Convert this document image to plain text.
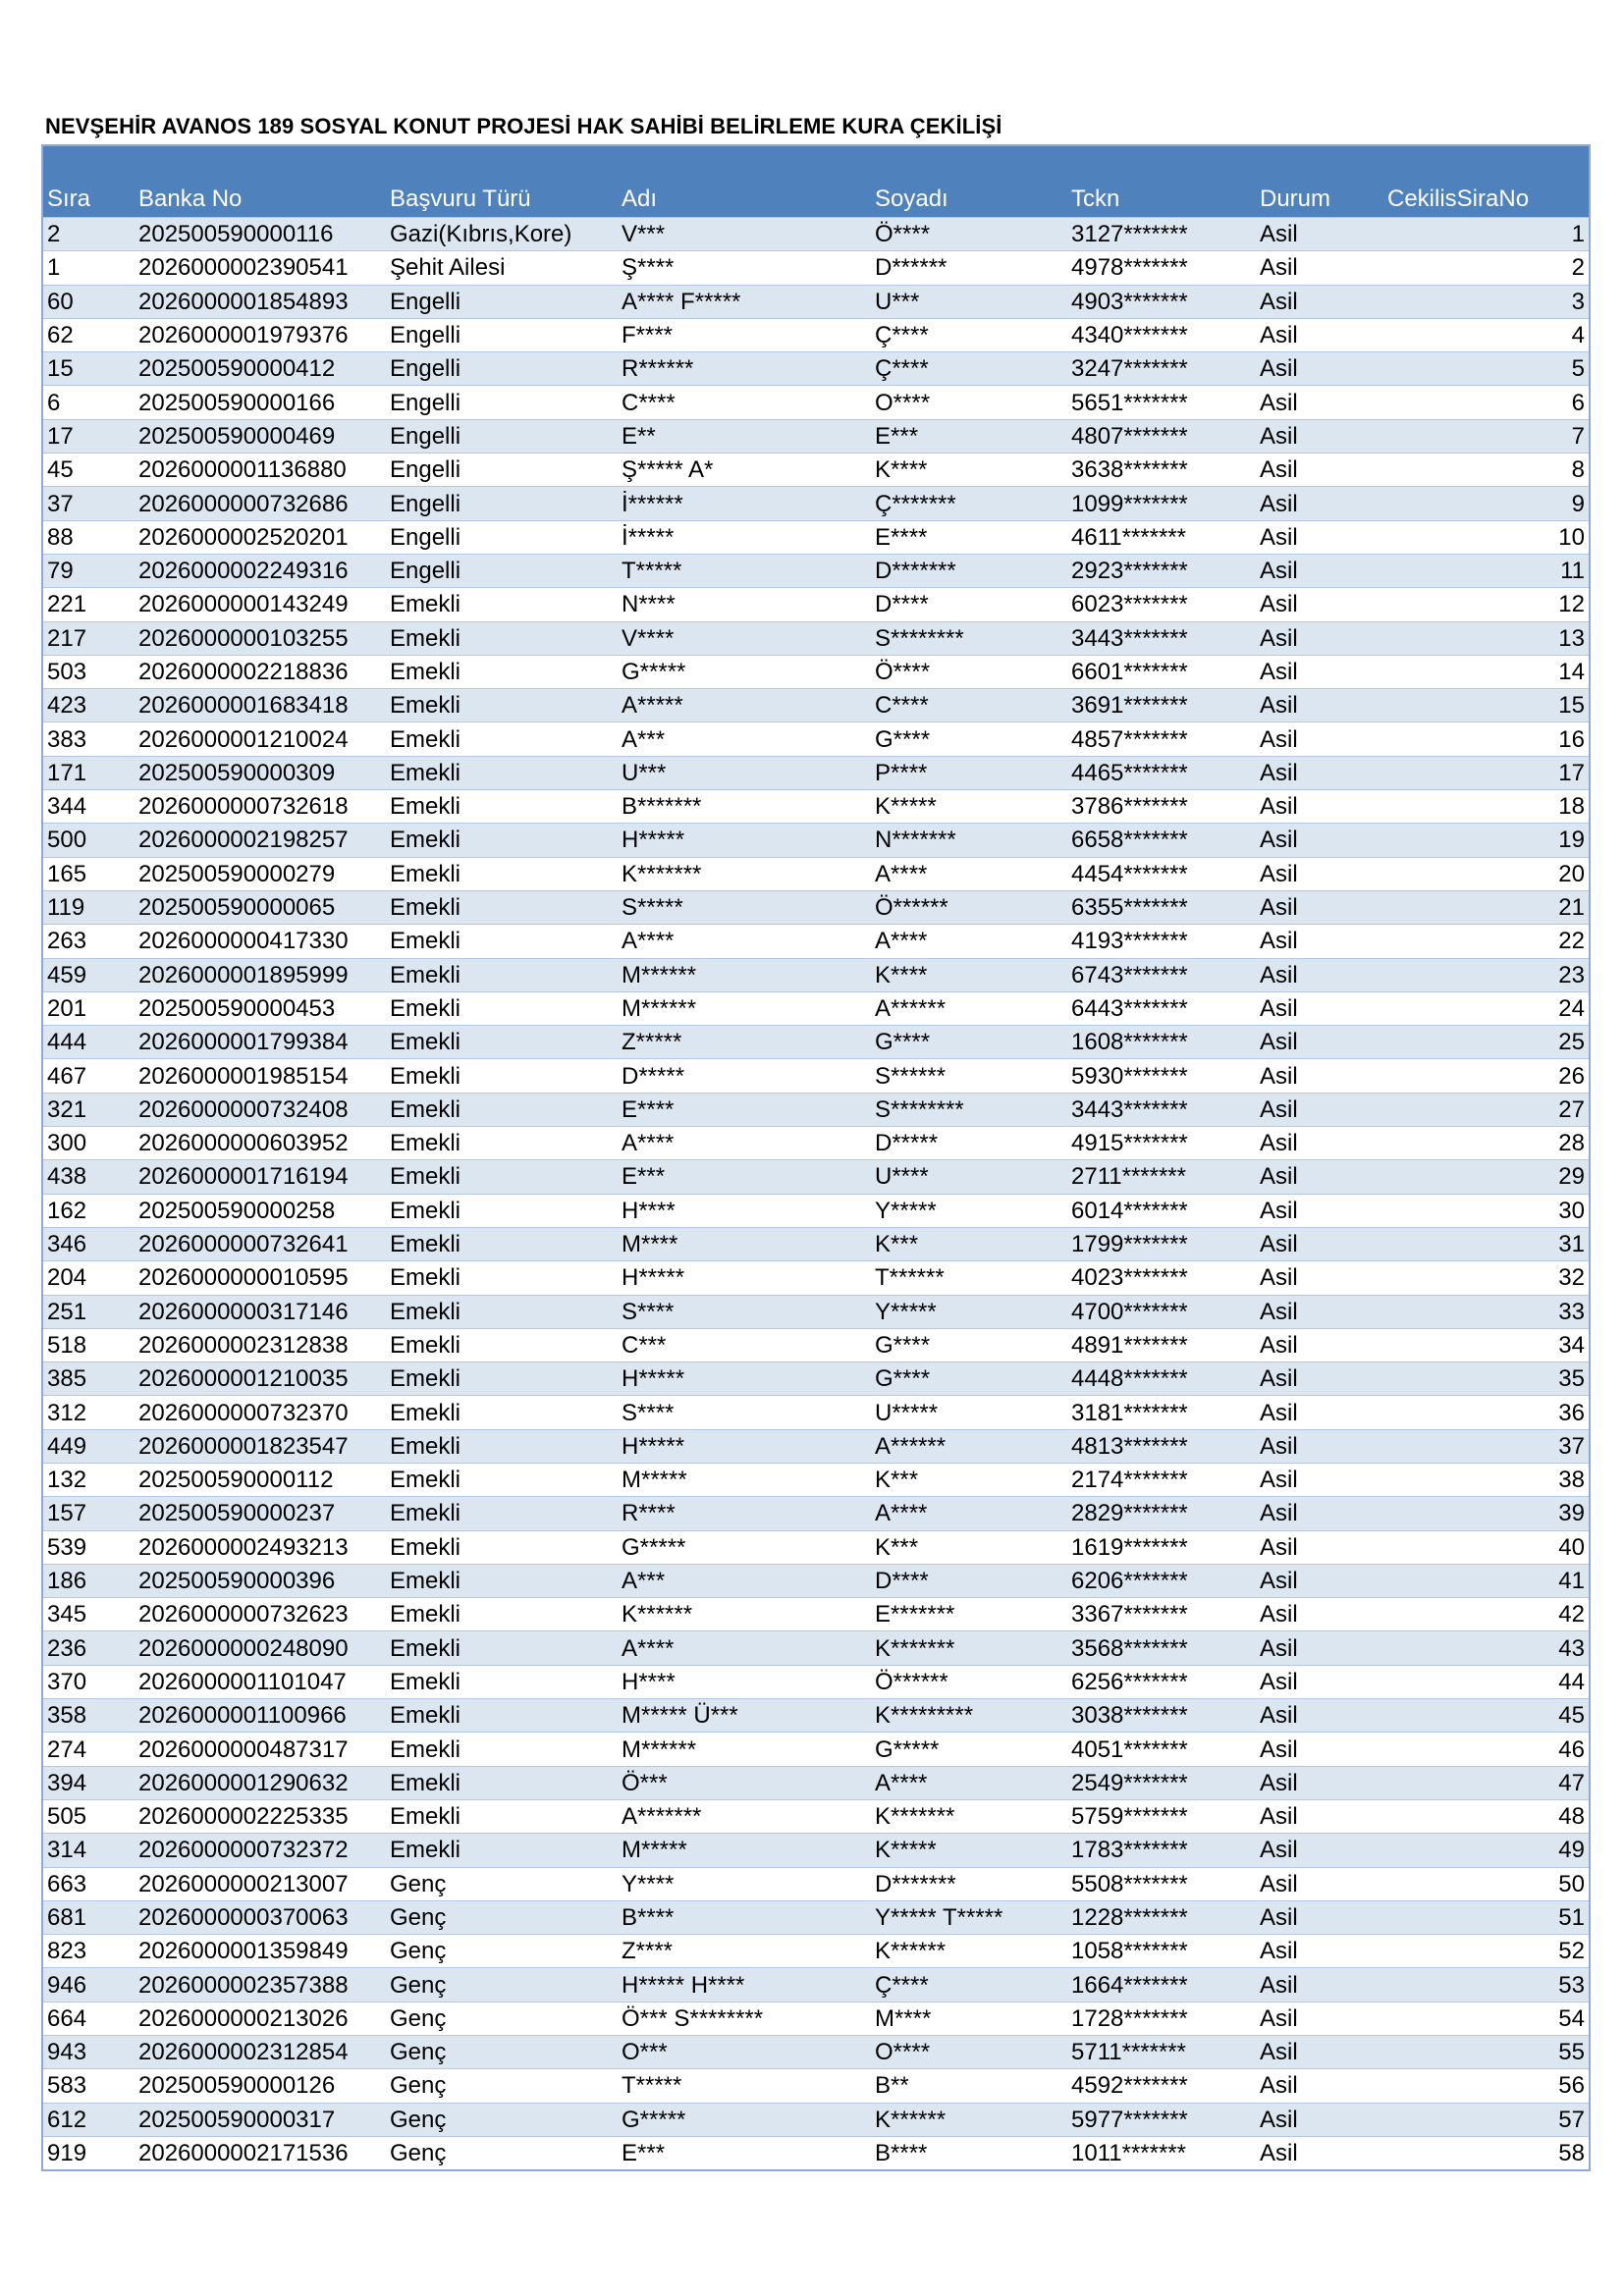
NEVŞEHİR AVANOS 189 SOSYAL KONUT PROJESİ HAK SAHİBİ BELİRLEME KURA ÇEKİLİŞİ
Sıra	Banka No	Başvuru Türü	Adı	Soyadı	Tckn	Durum	CekilisSiraNo
2	202500590000116	Gazi(Kıbrıs,Kore)	V***	Ö****	3127*******	Asil	1
1	2026000002390541	Şehit Ailesi	Ş****	D******	4978*******	Asil	2
60	2026000001854893	Engelli	A**** F*****	U***	4903*******	Asil	3
62	2026000001979376	Engelli	F****	Ç****	4340*******	Asil	4
15	202500590000412	Engelli	R******	Ç****	3247*******	Asil	5
6	202500590000166	Engelli	C****	O****	5651*******	Asil	6
17	202500590000469	Engelli	E**	E***	4807*******	Asil	7
45	2026000001136880	Engelli	Ş***** A*	K****	3638*******	Asil	8
37	2026000000732686	Engelli	İ******	Ç*******	1099*******	Asil	9
88	2026000002520201	Engelli	İ*****	E****	4611*******	Asil	10
79	2026000002249316	Engelli	T*****	D*******	2923*******	Asil	11
221	2026000000143249	Emekli	N****	D****	6023*******	Asil	12
217	2026000000103255	Emekli	V****	S********	3443*******	Asil	13
503	2026000002218836	Emekli	G*****	Ö****	6601*******	Asil	14
423	2026000001683418	Emekli	A*****	C****	3691*******	Asil	15
383	2026000001210024	Emekli	A***	G****	4857*******	Asil	16
171	202500590000309	Emekli	U***	P****	4465*******	Asil	17
344	2026000000732618	Emekli	B*******	K*****	3786*******	Asil	18
500	2026000002198257	Emekli	H*****	N*******	6658*******	Asil	19
165	202500590000279	Emekli	K*******	A****	4454*******	Asil	20
119	202500590000065	Emekli	S*****	Ö******	6355*******	Asil	21
263	2026000000417330	Emekli	A****	A****	4193*******	Asil	22
459	2026000001895999	Emekli	M******	K****	6743*******	Asil	23
201	202500590000453	Emekli	M******	A******	6443*******	Asil	24
444	2026000001799384	Emekli	Z*****	G****	1608*******	Asil	25
467	2026000001985154	Emekli	D*****	S******	5930*******	Asil	26
321	2026000000732408	Emekli	E****	S********	3443*******	Asil	27
300	2026000000603952	Emekli	A****	D*****	4915*******	Asil	28
438	2026000001716194	Emekli	E***	U****	2711*******	Asil	29
162	202500590000258	Emekli	H****	Y*****	6014*******	Asil	30
346	2026000000732641	Emekli	M****	K***	1799*******	Asil	31
204	2026000000010595	Emekli	H*****	T******	4023*******	Asil	32
251	2026000000317146	Emekli	S****	Y*****	4700*******	Asil	33
518	2026000002312838	Emekli	C***	G****	4891*******	Asil	34
385	2026000001210035	Emekli	H*****	G****	4448*******	Asil	35
312	2026000000732370	Emekli	S****	U*****	3181*******	Asil	36
449	2026000001823547	Emekli	H*****	A******	4813*******	Asil	37
132	202500590000112	Emekli	M*****	K***	2174*******	Asil	38
157	202500590000237	Emekli	R****	A****	2829*******	Asil	39
539	2026000002493213	Emekli	G*****	K***	1619*******	Asil	40
186	202500590000396	Emekli	A***	D****	6206*******	Asil	41
345	2026000000732623	Emekli	K******	E*******	3367*******	Asil	42
236	2026000000248090	Emekli	A****	K*******	3568*******	Asil	43
370	2026000001101047	Emekli	H****	Ö******	6256*******	Asil	44
358	2026000001100966	Emekli	M***** Ü***	K*********	3038*******	Asil	45
274	2026000000487317	Emekli	M******	G*****	4051*******	Asil	46
394	2026000001290632	Emekli	Ö***	A****	2549*******	Asil	47
505	2026000002225335	Emekli	A*******	K*******	5759*******	Asil	48
314	2026000000732372	Emekli	M*****	K*****	1783*******	Asil	49
663	2026000000213007	Genç	Y****	D*******	5508*******	Asil	50
681	2026000000370063	Genç	B****	Y***** T*****	1228*******	Asil	51
823	2026000001359849	Genç	Z****	K******	1058*******	Asil	52
946	2026000002357388	Genç	H***** H****	Ç****	1664*******	Asil	53
664	2026000000213026	Genç	Ö*** S********	M****	1728*******	Asil	54
943	2026000002312854	Genç	O***	O****	5711*******	Asil	55
583	202500590000126	Genç	T*****	B**	4592*******	Asil	56
612	202500590000317	Genç	G*****	K******	5977*******	Asil	57
919	2026000002171536	Genç	E***	B****	1011*******	Asil	58
